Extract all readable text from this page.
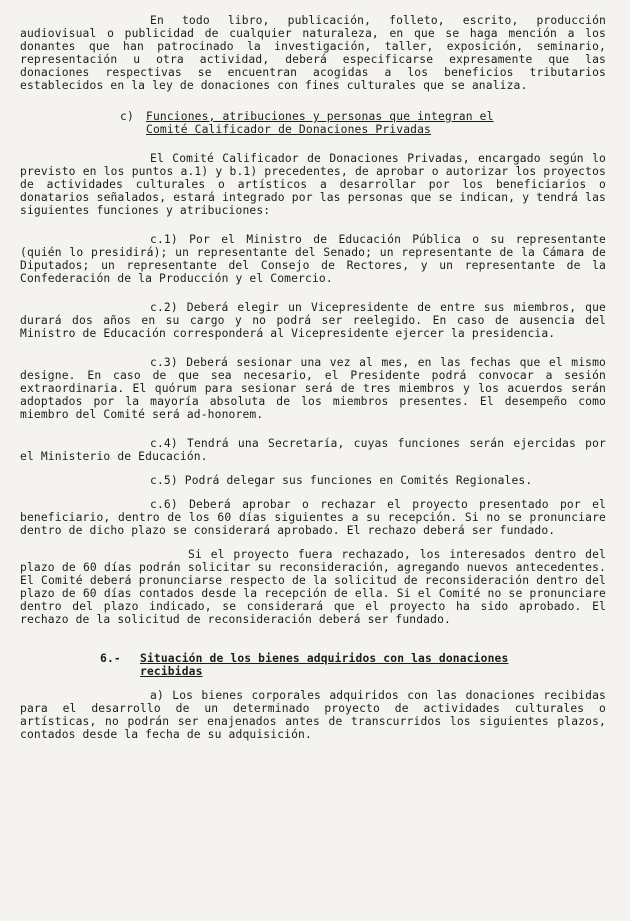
En todo libro, publicación, folleto, escrito, producción audiovisual o publicidad de cualquier naturaleza, en que se haga mención a los donantes que han patrocinado la investigación, taller, exposición, seminario, representación u otra actividad, deberá especificarse expresamente que las donaciones respectivas se encuentran acogidas a los beneficios tributarios establecidos en la ley de donaciones con fines culturales que se analiza.

c) Funciones, atribuciones y personas que integran el
Comité Calificador de Donaciones Privadas

El Comité Calificador de Donaciones Privadas, encargado según lo previsto en los puntos a.1) y b.1) precedentes, de aprobar o autorizar los proyectos de actividades culturales o artísticos a desarrollar por los beneficiarios o donatarios señalados, estará integrado por las personas que se indican, y tendrá las siguientes funciones y atribuciones:

c.1) Por el Ministro de Educación Pública o su representante (quién lo presidirá); un representante del Senado; un representante de la Cámara de Diputados; un representante del Consejo de Rectores, y un representante de la Confederación de la Producción y el Comercio.

c.2) Deberá elegir un Vicepresidente de entre sus miembros, que durará dos años en su cargo y no podrá ser reelegido. En caso de ausencia del Ministro de Educación corresponderá al Vicepresidente ejercer la presidencia.

c.3) Deberá sesionar una vez al mes, en las fechas que el mismo designe. En caso de que sea necesario, el Presidente podrá convocar a sesión extraordinaria. El quórum para sesionar será de tres miembros y los acuerdos serán adoptados por la mayoría absoluta de los miembros presentes. El desempeño como miembro del Comité será ad-honorem.

c.4) Tendrá una Secretaría, cuyas funciones serán ejercidas por el Ministerio de Educación.

c.5) Podrá delegar sus funciones en Comités Regionales.

c.6) Deberá aprobar o rechazar el proyecto presentado por el beneficiario, dentro de los 60 días siguientes a su recepción. Si no se pronunciare dentro de dicho plazo se considerará aprobado. El rechazo deberá ser fundado.

Si el proyecto fuera rechazado, los interesados dentro del plazo de 60 días podrán solicitar su reconsideración, agregando nuevos antecedentes. El Comité deberá pronunciarse respecto de la solicitud de reconsideración dentro del plazo de 60 días contados desde la recepción de ella. Si el Comité no se pronunciare dentro del plazo indicado, se considerará que el proyecto ha sido aprobado. El rechazo de la solicitud de reconsideración deberá ser fundado.

6.- Situación de los bienes adquiridos con las donaciones
recibidas

a) Los bienes corporales adquiridos con las donaciones recibidas para el desarrollo de un determinado proyecto de actividades culturales o artísticas, no podrán ser enajenados antes de transcurridos los siguientes plazos, contados desde la fecha de su adquisición.
